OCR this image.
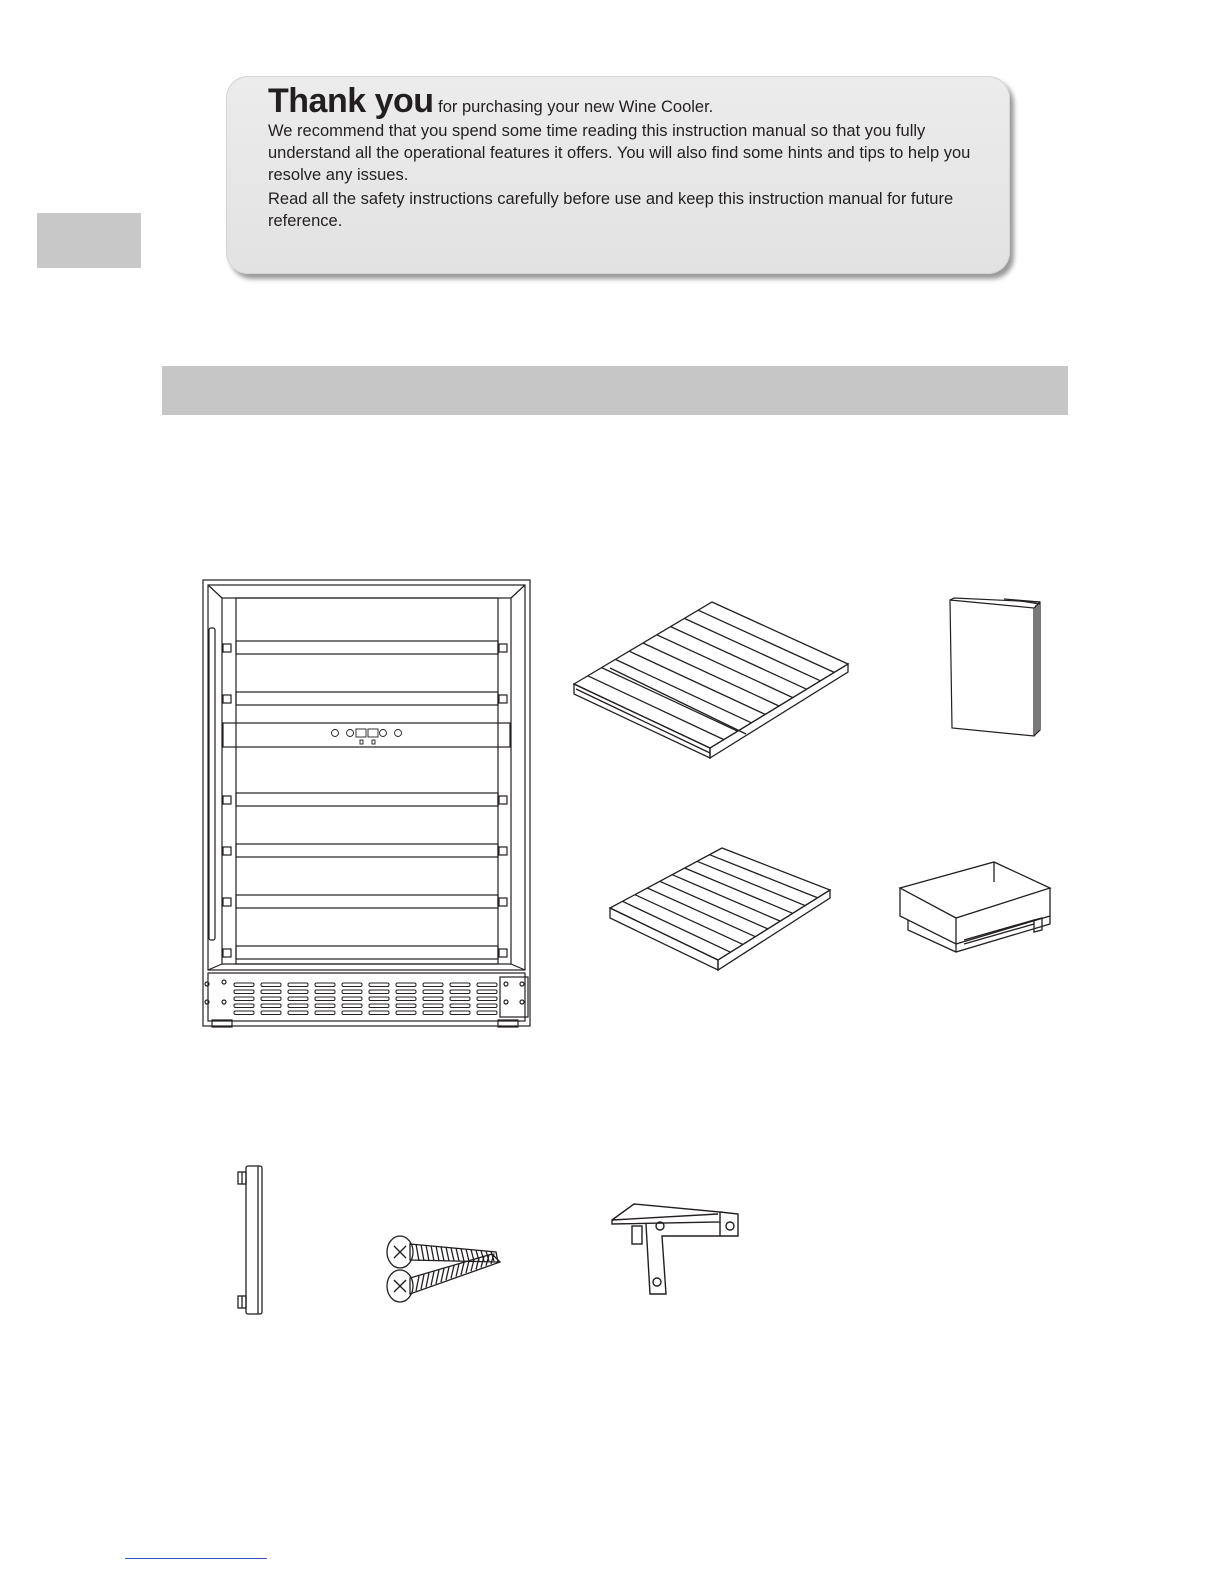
Thank you for purchasing your new Wine Cooler.

We recommend that you spend some time reading this instruction manual so that you fully understand all the operational features it offers. You will also find some hints and tips to help you resolve any issues.

Read all the safety instructions carefully before use and keep this instruction manual for future reference.
